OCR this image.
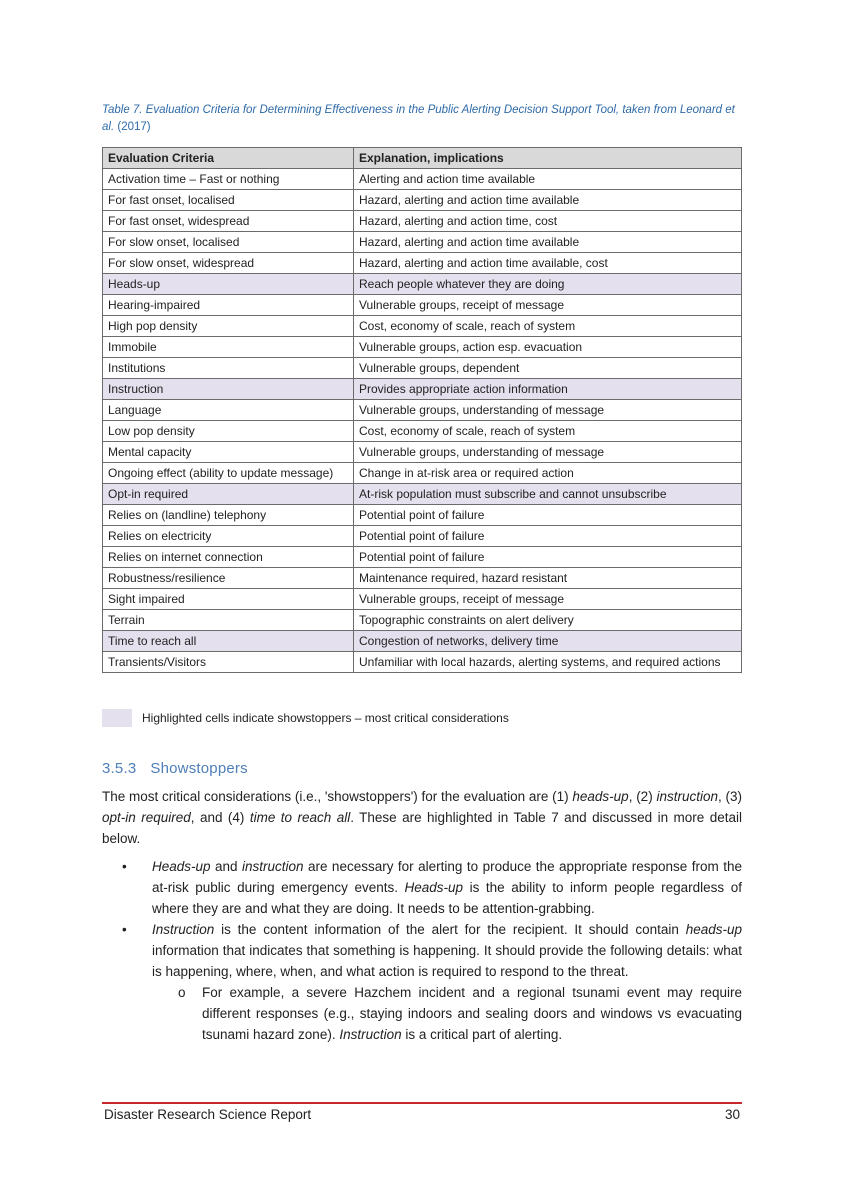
Table 7. Evaluation Criteria for Determining Effectiveness in the Public Alerting Decision Support Tool, taken from Leonard et al. (2017)
Evaluation Criteria	Explanation, implications
Activation time – Fast or nothing	Alerting and action time available
For fast onset, localised	Hazard, alerting and action time available
For fast onset, widespread	Hazard, alerting and action time, cost
For slow onset, localised	Hazard, alerting and action time available
For slow onset, widespread	Hazard, alerting and action time available, cost
Heads-up	Reach people whatever they are doing
Hearing-impaired	Vulnerable groups, receipt of message
High pop density	Cost, economy of scale, reach of system
Immobile	Vulnerable groups, action esp. evacuation
Institutions	Vulnerable groups, dependent
Instruction	Provides appropriate action information
Language	Vulnerable groups, understanding of message
Low pop density	Cost, economy of scale, reach of system
Mental capacity	Vulnerable groups, understanding of message
Ongoing effect (ability to update message)	Change in at-risk area or required action
Opt-in required	At-risk population must subscribe and cannot unsubscribe
Relies on (landline) telephony	Potential point of failure
Relies on electricity	Potential point of failure
Relies on internet connection	Potential point of failure
Robustness/resilience	Maintenance required, hazard resistant
Sight impaired	Vulnerable groups, receipt of message
Terrain	Topographic constraints on alert delivery
Time to reach all	Congestion of networks, delivery time
Transients/Visitors	Unfamiliar with local hazards, alerting systems, and required actions
Highlighted cells indicate showstoppers – most critical considerations
3.5.3 Showstoppers

The most critical considerations (i.e., 'showstoppers') for the evaluation are (1) heads-up, (2) instruction, (3) opt-in required, and (4) time to reach all. These are highlighted in Table 7 and discussed in more detail below.

• Heads-up and instruction are necessary for alerting to produce the appropriate response from the at-risk public during emergency events. Heads-up is the ability to inform people regardless of where they are and what they are doing. It needs to be attention-grabbing.
• Instruction is the content information of the alert for the recipient. It should contain heads-up information that indicates that something is happening. It should provide the following details: what is happening, where, when, and what action is required to respond to the threat.
o For example, a severe Hazchem incident and a regional tsunami event may require different responses (e.g., staying indoors and sealing doors and windows vs evacuating tsunami hazard zone). Instruction is a critical part of alerting.
Disaster Research Science Report	30
